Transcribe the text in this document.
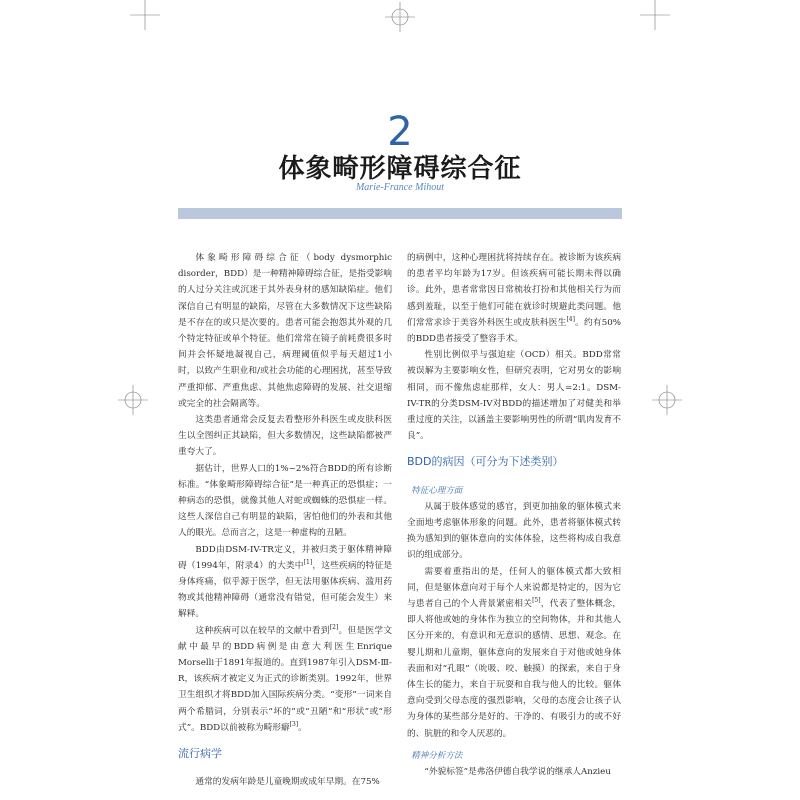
2
体象畸形障碍综合征
Marie-France Mihout

体象畸形障碍综合征（body dysmorphic disorder，BDD）是一种精神障碍综合征，是指受影响的人过分关注或沉迷于其外表身材的感知缺陷症。他们深信自己有明显的缺陷，尽管在大多数情况下这些缺陷是不存在的或只是次要的。患者可能会抱怨其外观的几个特定特征或单个特征。他们常常在镜子前耗费很多时间并会怀疑地凝视自己，病理阈值似乎每天超过1小时，以致产生职业和/或社会功能的心理困扰，甚至导致严重抑郁、严重焦虑、其他焦虑障碍的发展、社交退缩或完全的社会隔离等。

这类患者通常会反复去看整形外科医生或皮肤科医生以全图纠正其缺陷，但大多数情况，这些缺陷都被严重夸大了。

据估计，世界人口的1%~2%符合BDD的所有诊断标准。“体象畸形障碍综合征”是一种真正的恐惧症；一种病态的恐惧，就像其他人对蛇或蜘蛛的恐惧症一样。这些人深信自己有明显的缺陷，害怕他们的外表和其他人的眼光。总而言之，这是一种虚构的丑陋。

BDD由DSM-IV-TR定义，并被归类于躯体精神障碍（1994年，附录4）的大类中[1]，这些疾病的特征是身体疼痛，似乎源于医学，但无法用躯体疾病、滥用药物或其他精神障碍（通常没有错觉，但可能会发生）来解释。

这种疾病可以在较早的文献中看到[2]。但是医学文献中最早的BDD病例是由意大利医生Enrique Morselli于1891年报道的。直到1987年引入DSM-Ⅲ-R，该疾病才被定义为正式的诊断类别。1992年，世界卫生组织才将BDD加入国际疾病分类。“变形”一词来自两个希腊词，分别表示“坏的”或“丑陋”和“形状”或“形式”。BDD以前被称为畸形癖[3]。

流行病学

通常的发病年龄是儿童晚期或成年早期。在75%

的病例中，这种心理困扰将持续存在。被诊断为该疾病的患者平均年龄为17岁。但该疾病可能长期未得以确诊。此外，患者常常因日常梳妆打扮和其他相关行为而感到羞耻，以至于他们可能在就诊时规避此类问题。他们常常求诊于美容外科医生或皮肤科医生[4]。约有50%的BDD患者接受了整容手术。

性别比例似乎与强迫症（OCD）相关。BDD常常被误解为主要影响女性，但研究表明，它对男女的影响相同，而不像焦虑症那样，女人：男人=2:1。DSM-IV-TR的分类DSM-IV对BDD的描述增加了对健美和举重过度的关注，以涵盖主要影响男性的所谓“肌肉发育不良”。

BDD的病因（可分为下述类别）
特征心理方面

从属于肢体感觉的感官，到更加抽象的躯体模式来全面地考虑躯体形象的问题。此外，患者将躯体模式转换为感知到的躯体意向的实体体验，这些将构成自我意识的组成部分。

需要着重指出的是，任何人的躯体模式都大致相同，但是躯体意向对于每个人来说都是特定的，因为它与患者自己的个人背景紧密相关[5]，代表了整体概念，即人将他或她的身体作为独立的空间物体，并和其他人区分开来的，有意识和无意识的感情、思想、观念。在婴儿期和儿童期，躯体意向的发展来自于对他或她身体表面和对“孔眼”（吮吸、咬、触摸）的探索，来自于身体生长的能力，来自于玩耍和自我与他人的比较。躯体意向受到父母态度的强烈影响，父母的态度会让孩子认为身体的某些部分是好的、干净的、有吸引力的或不好的、肮脏的和令人厌恶的。

精神分析方法

“外貌标签”是弗洛伊德自我学说的继承人Anzieu
